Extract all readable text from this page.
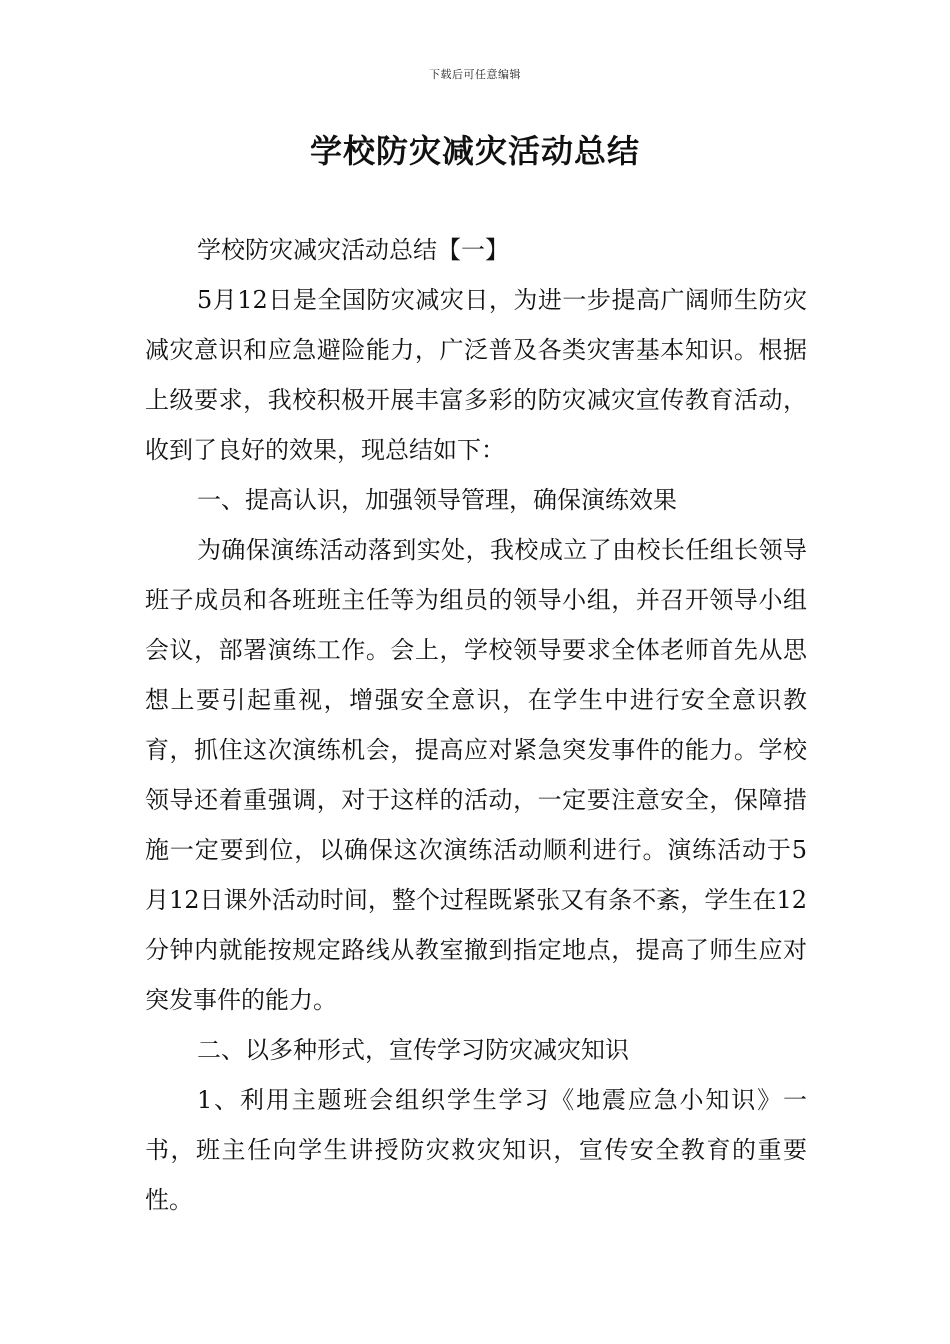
下载后可任意编辑
学校防灾减灾活动总结

学校防灾减灾活动总结【一】

5月12日是全国防灾减灾日，为进一步提高广阔师生防灾减灾意识和应急避险能力，广泛普及各类灾害基本知识。根据上级要求，我校积极开展丰富多彩的防灾减灾宣传教育活动，收到了良好的效果，现总结如下：

一、提高认识，加强领导管理，确保演练效果

为确保演练活动落到实处，我校成立了由校长任组长领导班子成员和各班班主任等为组员的领导小组，并召开领导小组会议，部署演练工作。会上，学校领导要求全体老师首先从思想上要引起重视，增强安全意识，在学生中进行安全意识教育，抓住这次演练机会，提高应对紧急突发事件的能力。学校领导还着重强调，对于这样的活动，一定要注意安全，保障措施一定要到位，以确保这次演练活动顺利进行。演练活动于5月12日课外活动时间，整个过程既紧张又有条不紊，学生在12分钟内就能按规定路线从教室撤到指定地点，提高了师生应对突发事件的能力。

二、以多种形式，宣传学习防灾减灾知识

1、利用主题班会组织学生学习《地震应急小知识》一书，班主任向学生讲授防灾救灾知识，宣传安全教育的重要性。
